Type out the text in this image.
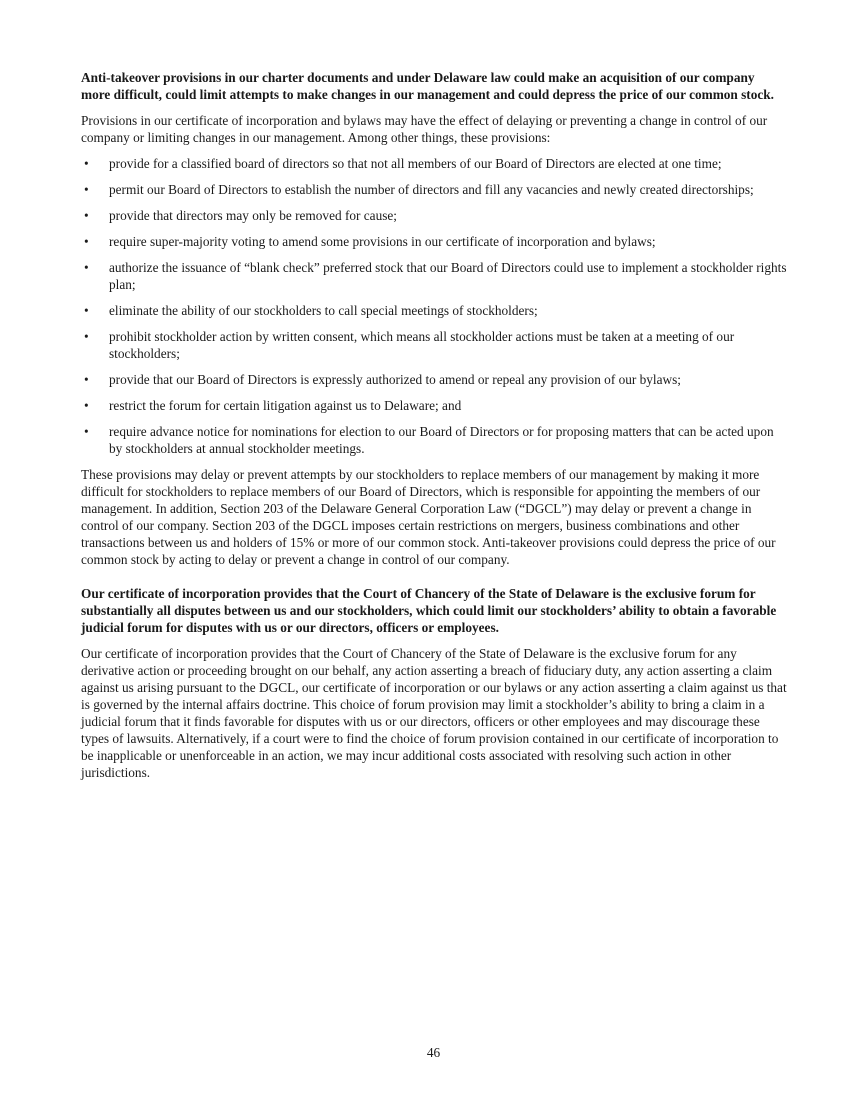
Anti-takeover provisions in our charter documents and under Delaware law could make an acquisition of our company more difficult, could limit attempts to make changes in our management and could depress the price of our common stock.

Provisions in our certificate of incorporation and bylaws may have the effect of delaying or preventing a change in control of our company or limiting changes in our management. Among other things, these provisions:

• provide for a classified board of directors so that not all members of our Board of Directors are elected at one time;
• permit our Board of Directors to establish the number of directors and fill any vacancies and newly created directorships;
• provide that directors may only be removed for cause;
• require super-majority voting to amend some provisions in our certificate of incorporation and bylaws;
• authorize the issuance of “blank check” preferred stock that our Board of Directors could use to implement a stockholder rights plan;
• eliminate the ability of our stockholders to call special meetings of stockholders;
• prohibit stockholder action by written consent, which means all stockholder actions must be taken at a meeting of our stockholders;
• provide that our Board of Directors is expressly authorized to amend or repeal any provision of our bylaws;
• restrict the forum for certain litigation against us to Delaware; and
• require advance notice for nominations for election to our Board of Directors or for proposing matters that can be acted upon by stockholders at annual stockholder meetings.

These provisions may delay or prevent attempts by our stockholders to replace members of our management by making it more difficult for stockholders to replace members of our Board of Directors, which is responsible for appointing the members of our management. In addition, Section 203 of the Delaware General Corporation Law (“DGCL”) may delay or prevent a change in control of our company. Section 203 of the DGCL imposes certain restrictions on mergers, business combinations and other transactions between us and holders of 15% or more of our common stock. Anti-takeover provisions could depress the price of our common stock by acting to delay or prevent a change in control of our company.

Our certificate of incorporation provides that the Court of Chancery of the State of Delaware is the exclusive forum for substantially all disputes between us and our stockholders, which could limit our stockholders’ ability to obtain a favorable judicial forum for disputes with us or our directors, officers or employees.

Our certificate of incorporation provides that the Court of Chancery of the State of Delaware is the exclusive forum for any derivative action or proceeding brought on our behalf, any action asserting a breach of fiduciary duty, any action asserting a claim against us arising pursuant to the DGCL, our certificate of incorporation or our bylaws or any action asserting a claim against us that is governed by the internal affairs doctrine. This choice of forum provision may limit a stockholder’s ability to bring a claim in a judicial forum that it finds favorable for disputes with us or our directors, officers or other employees and may discourage these types of lawsuits. Alternatively, if a court were to find the choice of forum provision contained in our certificate of incorporation to be inapplicable or unenforceable in an action, we may incur additional costs associated with resolving such action in other jurisdictions.

46
